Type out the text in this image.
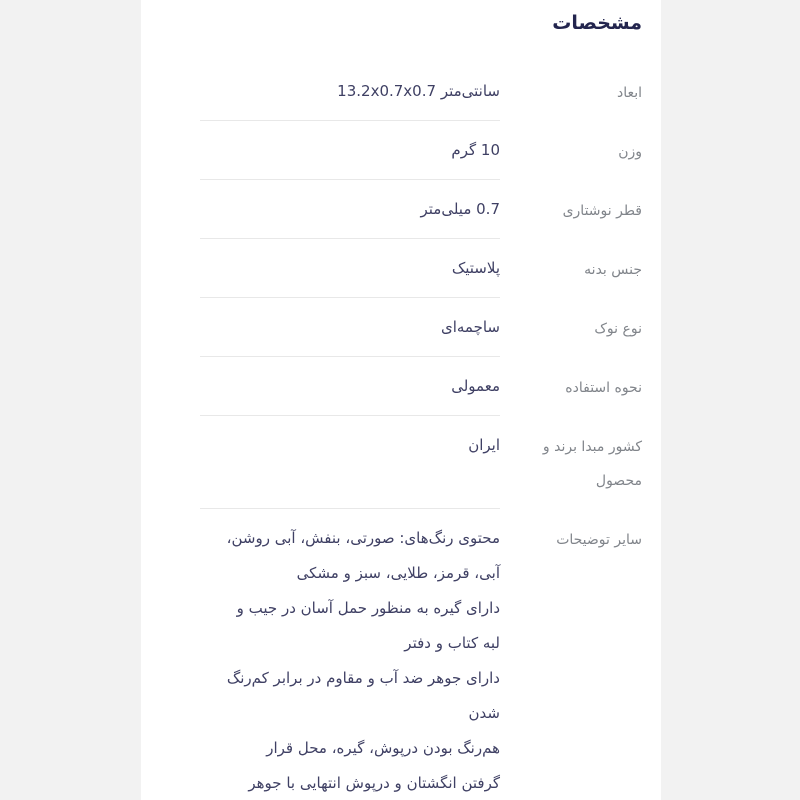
مشخصات
ابعاد

سانتی‌متر 13.2x0.7x0.7

وزن

10 گرم

قطر نوشتاری

0.7 میلی‌متر

جنس بدنه

پلاستیک

نوع نوک

ساچمه‌ای

نحوه استفاده

معمولی

کشور مبدا برند و محصول

ایران

سایر توضیحات

محتوی رنگ‌های: صورتی، بنفش، آبی روشن،

آبی، قرمز، طلایی، سبز و مشکی

دارای گیره به منظور حمل آسان در جیب و

لبه کتاب و دفتر

دارای جوهر ضد آب و مقاوم در برابر کم‌رنگ

شدن

هم‌رنگ بودن درپوش، گیره، محل قرار

گرفتن انگشتان و درپوش انتهایی با جوهر
